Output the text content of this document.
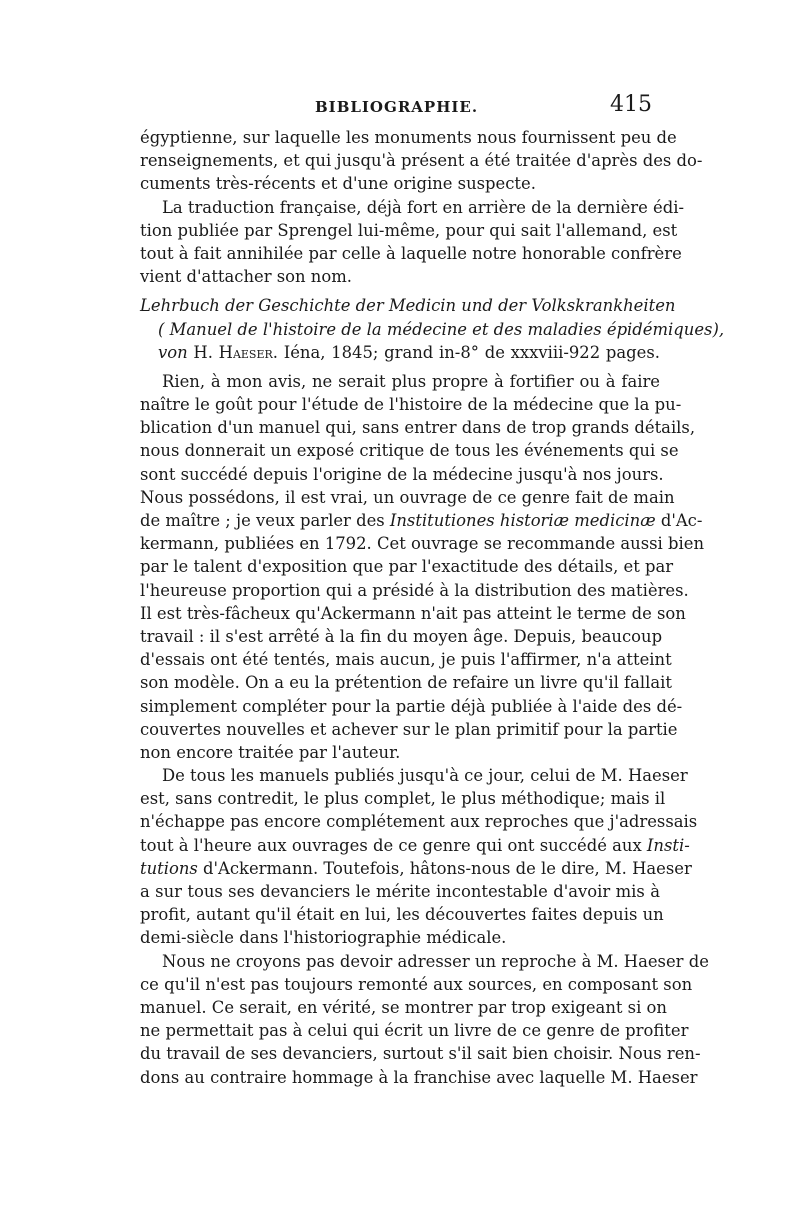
BIBLIOGRAPHIE.	415
égyptienne, sur laquelle les monuments nous fournissent peu de
renseignements, et qui jusqu'à présent a été traitée d'après des do-
cuments très-récents et d'une origine suspecte.
La traduction française, déjà fort en arrière de la dernière édi-
tion publiée par Sprengel lui-même, pour qui sait l'allemand, est
tout à fait annihilée par celle à laquelle notre honorable confrère
vient d'attacher son nom.
Lehrbuch der Geschichte der Medicin und der Volkskrankheiten
( Manuel de l'histoire de la médecine et des maladies épidémiques),
von H. Haeser. Iéna, 1845; grand in-8° de xxxviii-922 pages.
Rien, à mon avis, ne serait plus propre à fortifier ou à faire
naître le goût pour l'étude de l'histoire de la médecine que la pu-
blication d'un manuel qui, sans entrer dans de trop grands détails,
nous donnerait un exposé critique de tous les événements qui se
sont succédé depuis l'origine de la médecine jusqu'à nos jours.
Nous possédons, il est vrai, un ouvrage de ce genre fait de main
de maître ; je veux parler des Institutiones historiæ medicinæ d'Ac-
kermann, publiées en 1792. Cet ouvrage se recommande aussi bien
par le talent d'exposition que par l'exactitude des détails, et par
l'heureuse proportion qui a présidé à la distribution des matières.
Il est très-fâcheux qu'Ackermann n'ait pas atteint le terme de son
travail : il s'est arrêté à la fin du moyen âge. Depuis, beaucoup
d'essais ont été tentés, mais aucun, je puis l'affirmer, n'a atteint
son modèle. On a eu la prétention de refaire un livre qu'il fallait
simplement compléter pour la partie déjà publiée à l'aide des dé-
couvertes nouvelles et achever sur le plan primitif pour la partie
non encore traitée par l'auteur.
De tous les manuels publiés jusqu'à ce jour, celui de M. Haeser
est, sans contredit, le plus complet, le plus méthodique; mais il
n'échappe pas encore complétement aux reproches que j'adressais
tout à l'heure aux ouvrages de ce genre qui ont succédé aux Insti-
tutions d'Ackermann. Toutefois, hâtons-nous de le dire, M. Haeser
a sur tous ses devanciers le mérite incontestable d'avoir mis à
profit, autant qu'il était en lui, les découvertes faites depuis un
demi-siècle dans l'historiographie médicale.
Nous ne croyons pas devoir adresser un reproche à M. Haeser de
ce qu'il n'est pas toujours remonté aux sources, en composant son
manuel. Ce serait, en vérité, se montrer par trop exigeant si on
ne permettait pas à celui qui écrit un livre de ce genre de profiter
du travail de ses devanciers, surtout s'il sait bien choisir. Nous ren-
dons au contraire hommage à la franchise avec laquelle M. Haeser
